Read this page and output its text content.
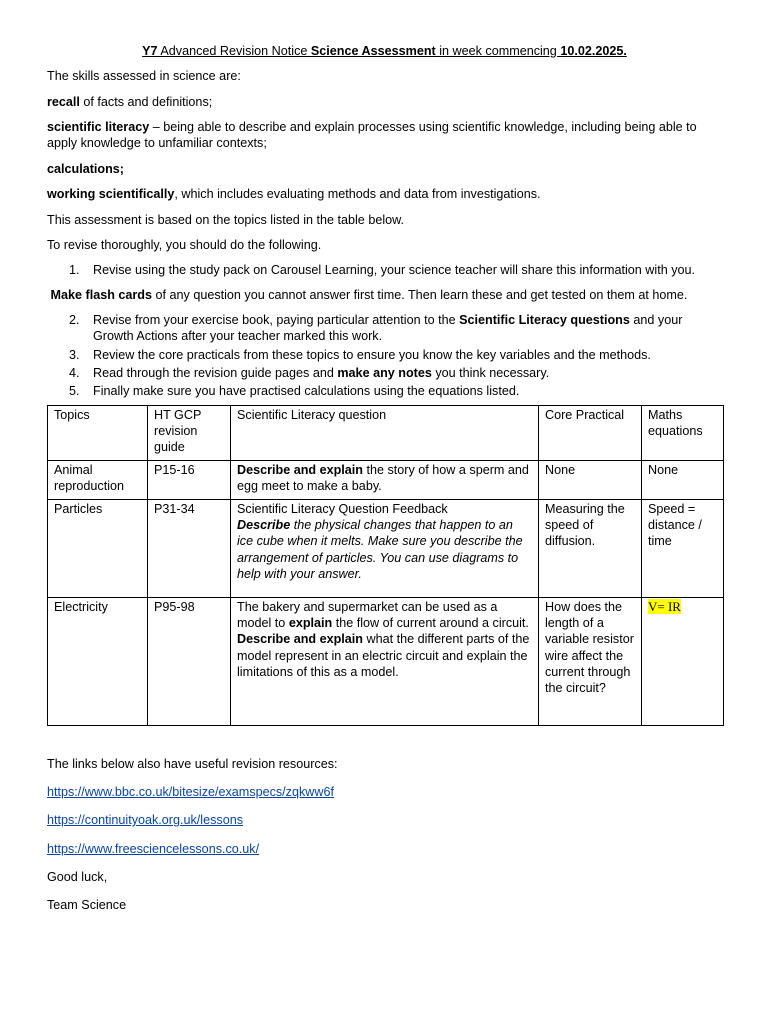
Y7 Advanced Revision Notice Science Assessment in week commencing 10.02.2025.

The skills assessed in science are:

recall of facts and definitions;

scientific literacy – being able to describe and explain processes using scientific knowledge, including being able to apply knowledge to unfamiliar contexts;

calculations;

working scientifically, which includes evaluating methods and data from investigations.

This assessment is based on the topics listed in the table below.

To revise thoroughly, you should do the following.

1. Revise using the study pack on Carousel Learning, your science teacher will share this information with you.

Make flash cards of any question you cannot answer first time. Then learn these and get tested on them at home.

2. Revise from your exercise book, paying particular attention to the Scientific Literacy questions and your Growth Actions after your teacher marked this work.
3. Review the core practicals from these topics to ensure you know the key variables and the methods.
4. Read through the revision guide pages and make any notes you think necessary.
5. Finally make sure you have practised calculations using the equations listed.
Topics	HT GCP revision guide	Scientific Literacy question	Core Practical	Maths equations
Animal reproduction	P15-16	Describe and explain the story of how a sperm and egg meet to make a baby.	None	None
Particles	P31-34	Scientific Literacy Question Feedback
Describe the physical changes that happen to an ice cube when it melts. Make sure you describe the arrangement of particles. You can use diagrams to help with your answer.	Measuring the speed of diffusion.	Speed = distance / time
Electricity	P95-98	The bakery and supermarket can be used as a model to explain the flow of current around a circuit. Describe and explain what the different parts of the model represent in an electric circuit and explain the limitations of this as a model.	How does the length of a variable resistor wire affect the current through the circuit?	V= IR

The links below also have useful revision resources:

https://www.bbc.co.uk/bitesize/examspecs/zqkww6f

https://continuityoak.org.uk/lessons

https://www.freesciencelessons.co.uk/

Good luck,

Team Science
